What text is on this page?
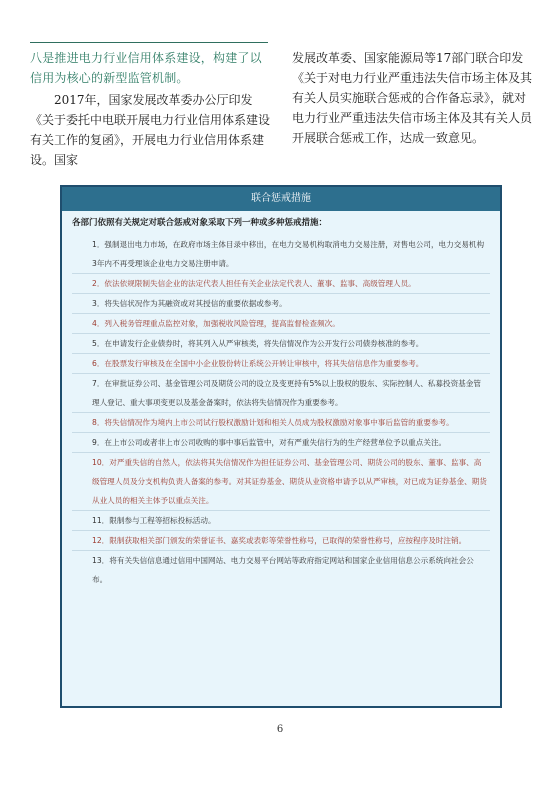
八是推进电力行业信用体系建设，构建了以信用为核心的新型监管机制。

2017年，国家发展改革委办公厅印发《关于委托中电联开展电力行业信用体系建设有关工作的复函》，开展电力行业信用体系建设。国家

发展改革委、国家能源局等17部门联合印发《关于对电力行业严重违法失信市场主体及其有关人员实施联合惩戒的合作备忘录》，就对电力行业严重违法失信市场主体及其有关人员开展联合惩戒工作，达成一致意见。

联合惩戒措施

各部门依照有关规定对联合惩戒对象采取下列一种或多种惩戒措施：

1．强制退出电力市场，在政府市场主体目录中移出，在电力交易机构取消电力交易注册，对售电公司，电力交易机构3年内不再受理该企业电力交易注册申请。

2．依法依规限制失信企业的法定代表人担任有关企业法定代表人、董事、监事、高级管理人员。

3．将失信状况作为其融资或对其授信的重要依据或参考。

4．列入税务管理重点监控对象，加强税收风险管理，提高监督检查频次。

5．在申请发行企业债券时，将其列入从严审核类，将失信情况作为公开发行公司债券核准的参考。

6．在股票发行审核及在全国中小企业股份转让系统公开转让审核中，将其失信信息作为重要参考。

7．在审批证券公司、基金管理公司及期货公司的设立及变更持有5%以上股权的股东、实际控制人、私募投资基金管理人登记、重大事项变更以及基金备案时，依法将失信情况作为重要参考。

8．将失信情况作为境内上市公司试行股权激励计划和相关人员成为股权激励对象事中事后监管的重要参考。

9．在上市公司或者非上市公司收购的事中事后监管中，对有严重失信行为的生产经营单位予以重点关注。

10．对严重失信的自然人，依法将其失信情况作为担任证券公司、基金管理公司、期货公司的股东、董事、监事、高级管理人员及分支机构负责人备案的参考。对其证券基金、期货从业资格申请予以从严审核，对已成为证券基金、期货从业人员的相关主体予以重点关注。

11．限制参与工程等招标投标活动。

12．限制获取相关部门颁发的荣誉证书、嘉奖或表彰等荣誉性称号，已取得的荣誉性称号，应按程序及时注销。

13．将有关失信信息通过信用中国网站、电力交易平台网站等政府指定网站和国家企业信用信息公示系统向社会公布。

6
